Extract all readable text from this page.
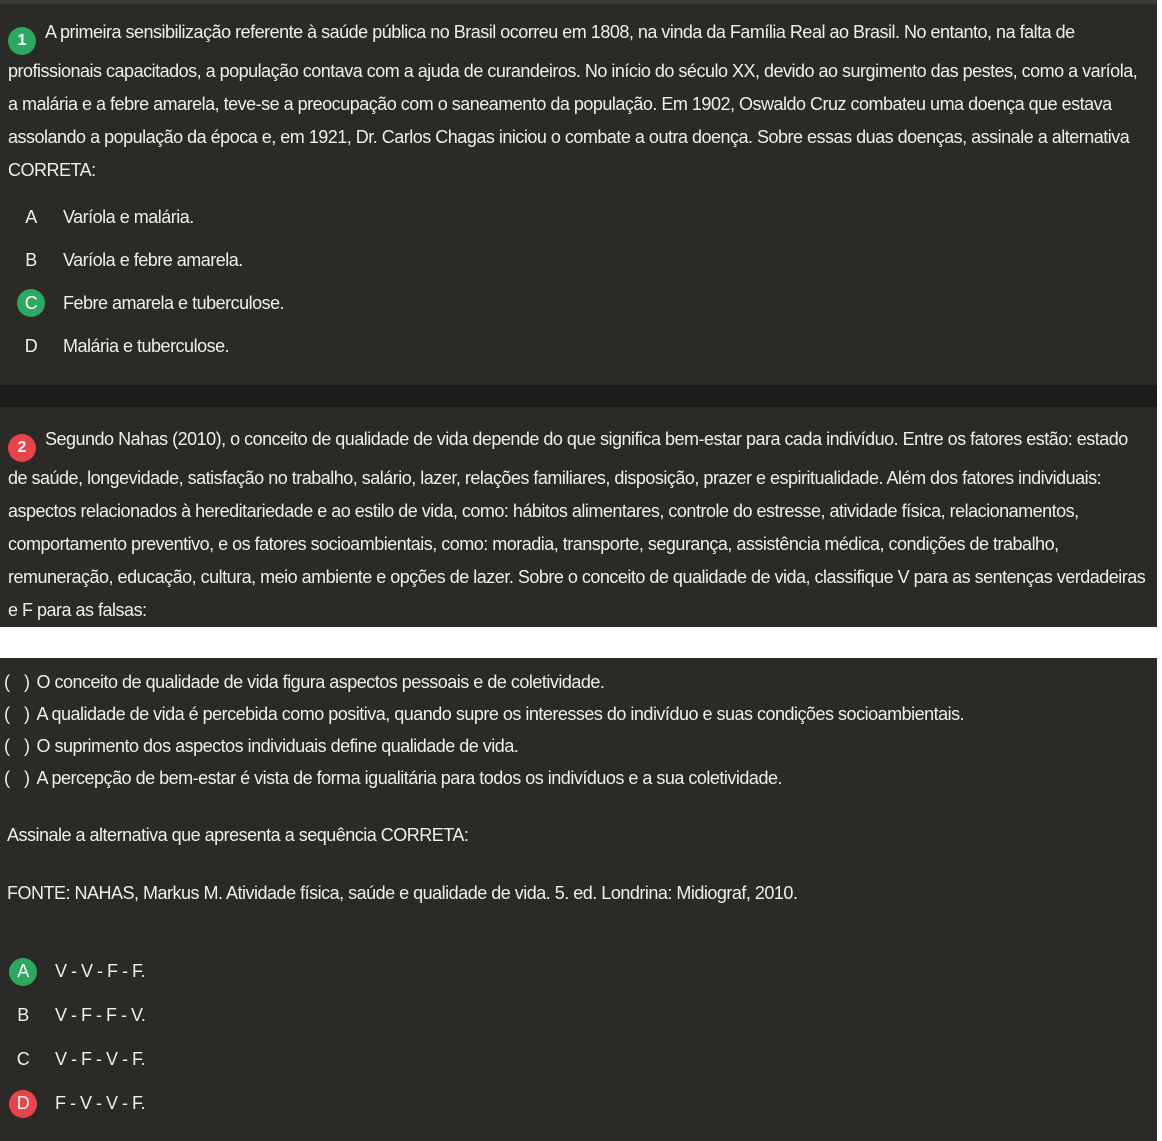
1 A primeira sensibilização referente à saúde pública no Brasil ocorreu em 1808, na vinda da Família Real ao Brasil. No entanto, na falta de profissionais capacitados, a população contava com a ajuda de curandeiros. No início do século XX, devido ao surgimento das pestes, como a varíola, a malária e a febre amarela, teve-se a preocupação com o saneamento da população. Em 1902, Oswaldo Cruz combateu uma doença que estava assolando a população da época e, em 1921, Dr. Carlos Chagas iniciou o combate a outra doença. Sobre essas duas doenças, assinale a alternativa CORRETA:
A	Varíola e malária.
B	Varíola e febre amarela.
C	Febre amarela e tuberculose.
D	Malária e tuberculose.
2 Segundo Nahas (2010), o conceito de qualidade de vida depende do que significa bem-estar para cada indivíduo. Entre os fatores estão: estado de saúde, longevidade, satisfação no trabalho, salário, lazer, relações familiares, disposição, prazer e espiritualidade. Além dos fatores individuais: aspectos relacionados à hereditariedade e ao estilo de vida, como: hábitos alimentares, controle do estresse, atividade física, relacionamentos, comportamento preventivo, e os fatores socioambientais, como: moradia, transporte, segurança, assistência médica, condições de trabalho, remuneração, educação, cultura, meio ambiente e opções de lazer. Sobre o conceito de qualidade de vida, classifique V para as sentenças verdadeiras e F para as falsas:
( ) O conceito de qualidade de vida figura aspectos pessoais e de coletividade.
( ) A qualidade de vida é percebida como positiva, quando supre os interesses do indivíduo e suas condições socioambientais.
( ) O suprimento dos aspectos individuais define qualidade de vida.
( ) A percepção de bem-estar é vista de forma igualitária para todos os indivíduos e a sua coletividade.
Assinale a alternativa que apresenta a sequência CORRETA:
FONTE: NAHAS, Markus M. Atividade física, saúde e qualidade de vida. 5. ed. Londrina: Midiograf, 2010.
A	V - V - F - F.
B	V - F - F - V.
C	V - F - V - F.
D	F - V - V - F.
